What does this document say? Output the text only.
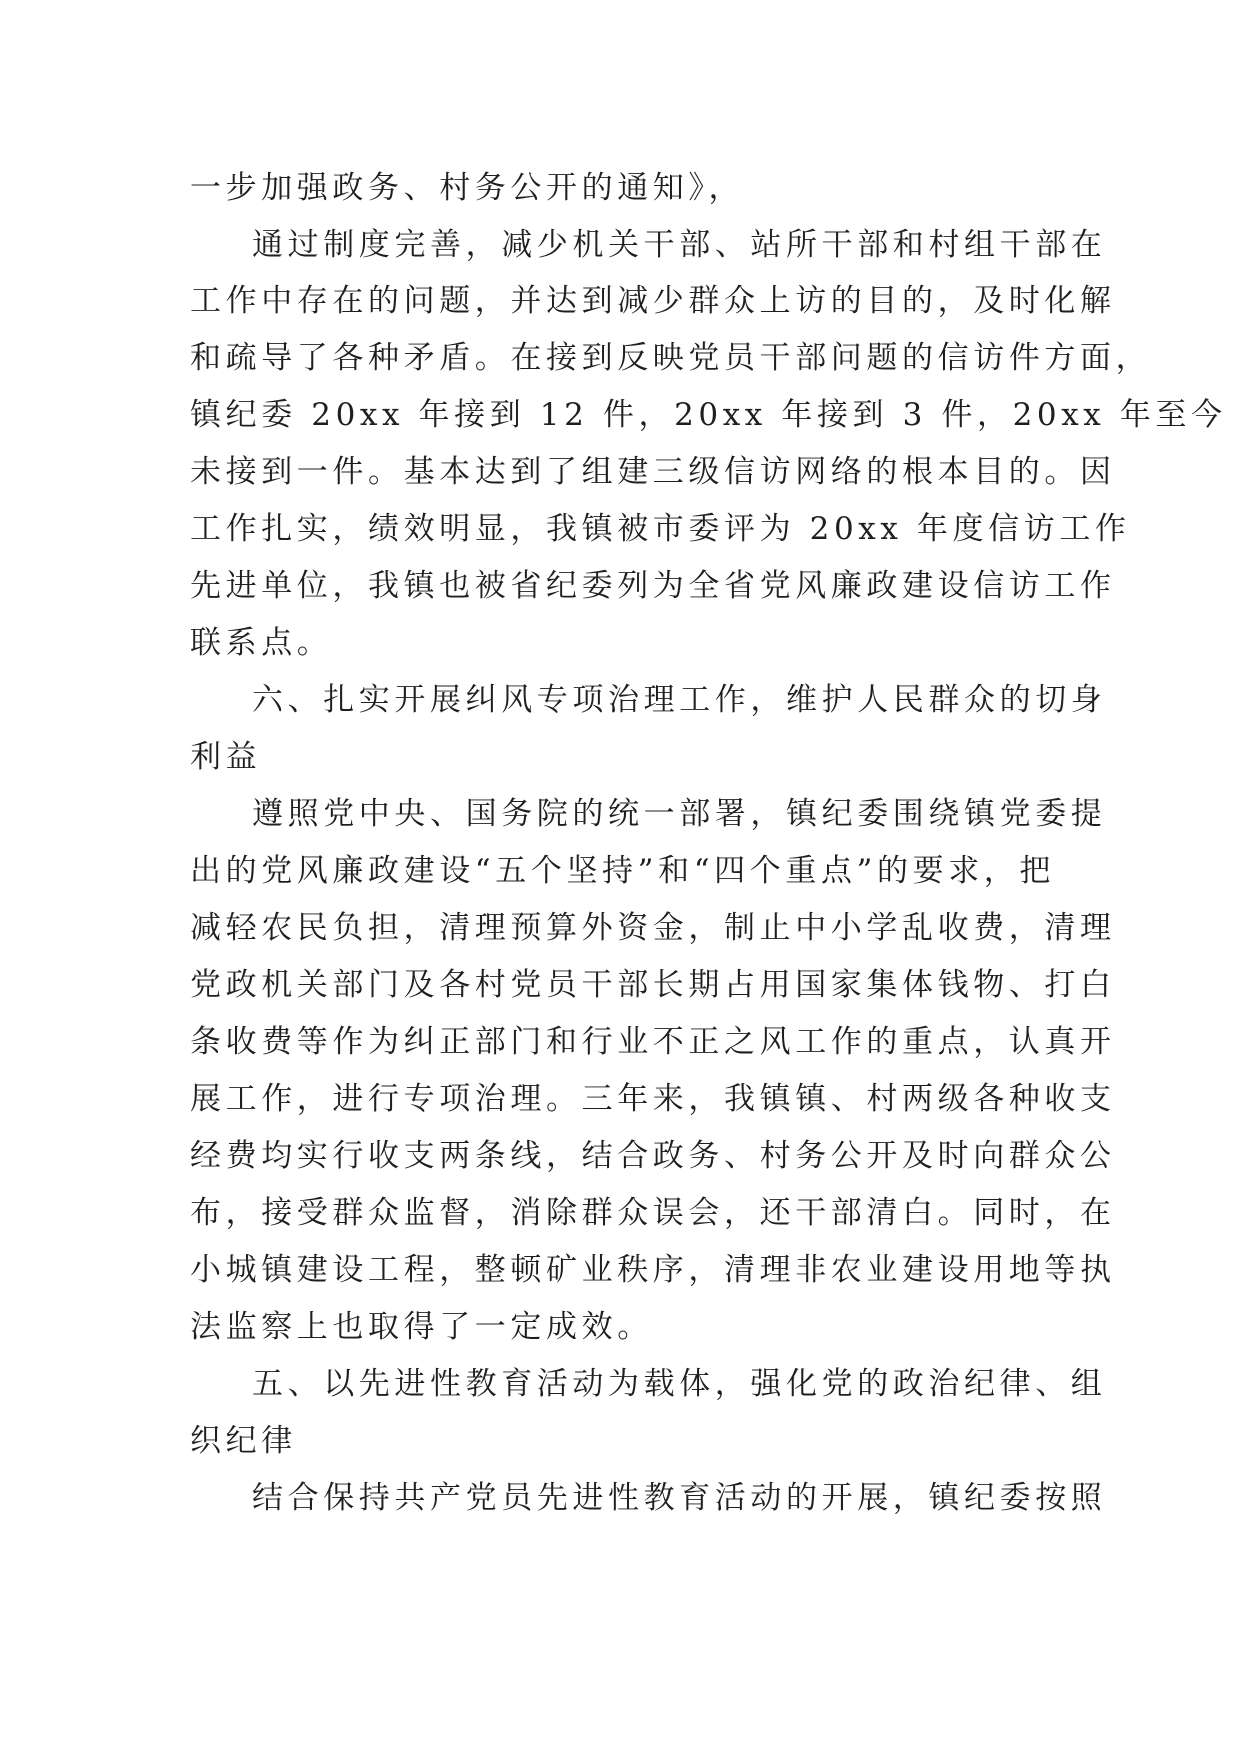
一步加强政务、村务公开的通知》，
通过制度完善，减少机关干部、站所干部和村组干部在
工作中存在的问题，并达到减少群众上访的目的，及时化解
和疏导了各种矛盾。在接到反映党员干部问题的信访件方面，
镇纪委 20xx 年接到 12 件，20xx 年接到 3 件，20xx 年至今
未接到一件。基本达到了组建三级信访网络的根本目的。因
工作扎实，绩效明显，我镇被市委评为 20xx 年度信访工作
先进单位，我镇也被省纪委列为全省党风廉政建设信访工作
联系点。
六、扎实开展纠风专项治理工作，维护人民群众的切身
利益
遵照党中央、国务院的统一部署，镇纪委围绕镇党委提
出的党风廉政建设“五个坚持”和“四个重点”的要求，把
减轻农民负担，清理预算外资金，制止中小学乱收费，清理
党政机关部门及各村党员干部长期占用国家集体钱物、打白
条收费等作为纠正部门和行业不正之风工作的重点，认真开
展工作，进行专项治理。三年来，我镇镇、村两级各种收支
经费均实行收支两条线，结合政务、村务公开及时向群众公
布，接受群众监督，消除群众误会，还干部清白。同时，在
小城镇建设工程，整顿矿业秩序，清理非农业建设用地等执
法监察上也取得了一定成效。
五、以先进性教育活动为载体，强化党的政治纪律、组
织纪律
结合保持共产党员先进性教育活动的开展，镇纪委按照
